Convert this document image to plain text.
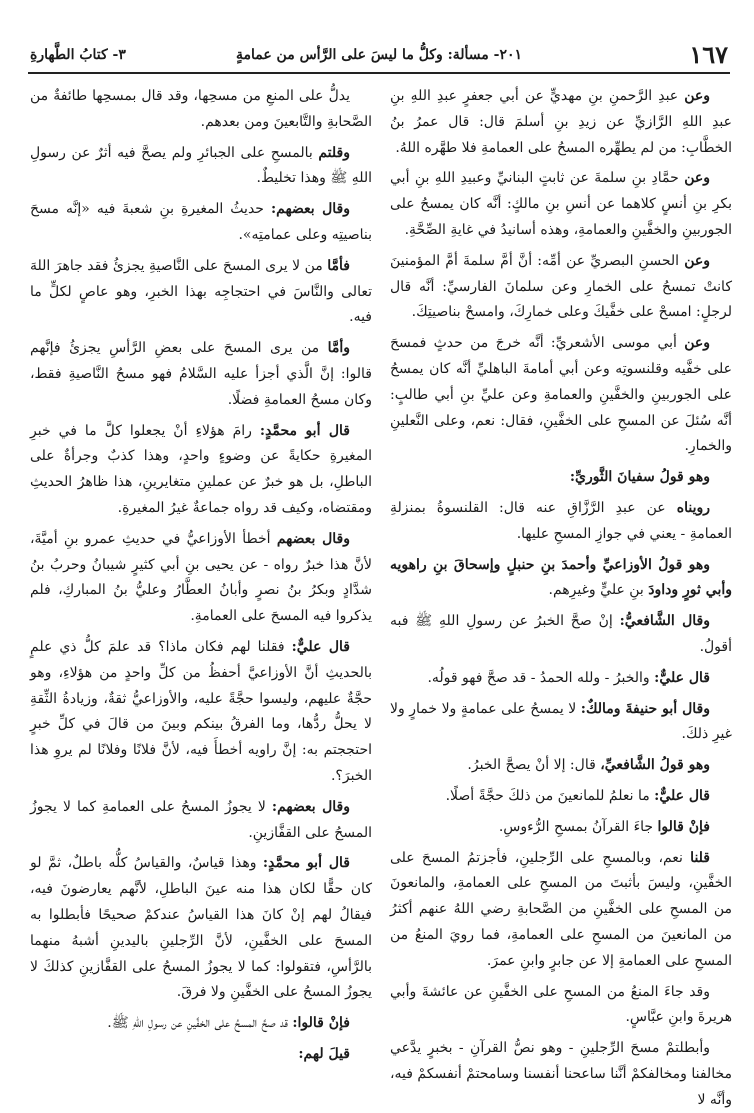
١٦٧
٢٠١- مسألة: وكلُّ ما ليسَ على الرَّأس من عمامةٍ
٣- كتابُ الطَّهارةِ

وعن عبدِ الرَّحمنِ بنِ مهديٍّ عن أبي جعفرٍ عبدِ اللهِ بنِ عبدِ اللهِ الرَّازيِّ عن زيدِ بنِ أسلمَ قال: قال عمرُ بنُ الخطَّابِ: من لم يطهِّره المسحُ على العمامةِ فلا طهَّره اللهُ.

وعن حمَّادِ بنِ سلمةَ عن ثابتٍ البنانيِّ وعبيدِ اللهِ بنِ أبي بكرِ بنِ أنسٍ كلاهما عن أنسِ بنِ مالكٍ: أنَّه كان يمسحُ على الجوربينِ والخفَّينِ والعمامةِ، وهذه أسانيدُ في غايةِ الصِّحَّةِ.

وعن الحسنِ البصريِّ عن أمِّه: أنَّ أمَّ سلمةَ أمَّ المؤمنينَ كانتْ تمسحُ على الخمارِ وعن سلمانَ الفارسيِّ: أنَّه قال لرجلٍ: امسحْ على خفَّيكَ وعلى خمارِكَ، وامسحْ بناصيتِكَ.

وعن أبي موسى الأشعريِّ: أنَّه خرجَ من حدثٍ فمسحَ على خفَّيه وقلنسوتِه وعن أبي أمامةَ الباهليِّ أنَّه كان يمسحُ على الجوربينِ والخفَّينِ والعمامةِ وعن عليِّ بنِ أبي طالبٍ: أنَّه سُئلَ عن المسحِ على الخفَّينِ، فقال: نعم، وعلى النَّعلينِ والخمارِ.

وهو قولُ سفيانَ الثَّوريِّ:

رويناه عن عبدِ الرَّزَّاقِ عنه قال: القلنسوةُ بمنزلةِ العمامةِ - يعني في جوازِ المسحِ عليها.

وهو قولُ الأوزاعيِّ وأحمدَ بنِ حنبلٍ وإسحاقَ بنِ راهويه وأبي ثورٍ وداودَ بنِ عليٍّ وغيرِهم.

وقال الشَّافعيُّ: إنْ صحَّ الخبرُ عن رسولِ اللهِ ﷺ فبه أقولُ.

قال عليٌّ: والخبرُ - ولله الحمدُ - قد صحَّ فهو قولُه.

وقال أبو حنيفةَ ومالكٌ: لا يمسحُ على عمامةٍ ولا خمارٍ ولا غيرِ ذلكَ.

وهو قولُ الشَّافعيِّ، قال: إلا أنْ يصحَّ الخبرُ.

قال عليٌّ: ما نعلمُ للمانعينَ من ذلكَ حجَّةً أصلًا.

فإنْ قالوا جاءَ القرآنُ بمسحِ الرُّءوسِ.

قلنا نعم، وبالمسحِ على الرِّجلينِ، فأجزتمُ المسحَ على الخفَّينِ، وليسَ بأثبتَ من المسحِ على العمامةِ، والمانعونَ من المسحِ على الخفَّينِ من الصَّحابةِ رضي اللهُ عنهم أكثرُ من المانعينَ من المسحِ على العمامةِ، فما رويَ المنعُ من المسحِ على العمامةِ إلا عن جابرٍ وابنِ عمرَ.

وقد جاءَ المنعُ من المسحِ على الخفَّينِ عن عائشةَ وأبي هريرةَ وابنِ عبَّاسٍ.

وأبطلتمْ مسحَ الرِّجلينِ - وهو نصُّ القرآنِ - بخبرٍ يدَّعي مخالفنا ومخالفكمْ أنَّنا ساعحنا أنفسنا وسامحتمْ أنفسكمْ فيه، وأنَّه لا

يدلُّ على المنعِ من مسحِها، وقد قال بمسحِها طائفةٌ من الصَّحابةِ والتَّابعينَ ومن بعدهم.

وقلتم بالمسحِ على الجبائرِ ولم يصحَّ فيه أثرٌ عن رسولِ اللهِ ﷺ وهذا تخليطٌ.

وقال بعضهم: حديثُ المغيرةِ بنِ شعبةَ فيه «إنَّه مسحَ بناصيتِه وعلى عمامتِه».

فأمَّا من لا يرى المسحَ على النَّاصيةِ يجزئُ فقد جاهرَ اللهَ تعالى والنَّاسَ في احتجاجِه بهذا الخبرِ، وهو عاصٍ لكلٍّ ما فيه.

وأمَّا من يرى المسحَ على بعضِ الرَّأسِ يجزئُ فإنَّهم قالوا: إنَّ الَّذي أجزأ عليه السَّلامُ فهو مسحُ النَّاصيةِ فقط، وكان مسحُ العمامةِ فضلًا.

قال أبو محمَّدٍ: رامَ هؤلاءِ أنْ يجعلوا كلَّ ما في خبرِ المغيرةِ حكايةً عن وضوءٍ واحدٍ، وهذا كذبٌ وجرأةٌ على الباطلِ، بل هو خبرٌ عن عملينِ متغايرينِ، هذا ظاهرُ الحديثِ ومقتضاه، وكيف قد رواه جماعةٌ غيرُ المغيرةِ.

وقال بعضهم أخطأ الأوزاعيُّ في حديثِ عمرو بنِ أميَّةَ، لأنَّ هذا خبرٌ رواه - عن يحيى بنِ أبي كثيرٍ شيبانُ وحربُ بنُ شدَّادٍ وبكرُ بنُ نصرٍ وأبانُ العطَّارُ وعليُّ بنُ المباركِ، فلم يذكروا فيه المسحَ على العمامةِ.

قال عليٌّ: فقلنا لهم فكان ماذا؟ قد علمَ كلُّ ذي علمٍ بالحديثِ أنَّ الأوزاعيَّ أحفظُ من كلِّ واحدٍ من هؤلاءِ، وهو حجَّةٌ عليهم، وليسوا حجَّةً عليه، والأوزاعيُّ ثقةٌ، وزيادةُ الثِّقةِ لا يحلُّ ردُّها، وما الفرقُ بينكم وبينَ من قالَ في كلِّ خبرٍ احتججتم به: إنَّ راويه أخطأَ فيه، لأنَّ فلانًا وفلانًا لم يروِ هذا الخبرَ؟.

وقال بعضهم: لا يجوزُ المسحُ على العمامةِ كما لا يجوزُ المسحُ على القفَّازينِ.

قال أبو محمَّدٍ: وهذا قياسٌ، والقياسُ كلُّه باطلٌ، ثمَّ لو كان حقًّا لكان هذا منه عينَ الباطلِ، لأنَّهم يعارضونَ فيه، فيقالُ لهم إنْ كانَ هذا القياسُ عندكمْ صحيحًا فأبطلوا به المسحَ على الخفَّينِ، لأنَّ الرِّجلينِ باليدينِ أشبهُ منهما بالرَّأسِ، فتقولوا: كما لا يجوزُ المسحُ على القفَّازينِ كذلكَ لا يجوزُ المسحُ على الخفَّينِ ولا فرقَ.

فإنْ قالوا: قد صحَّ المسحُ على الخفَّينِ عن رسولِ اللهِ ﷺ.

قيلَ لهم:
